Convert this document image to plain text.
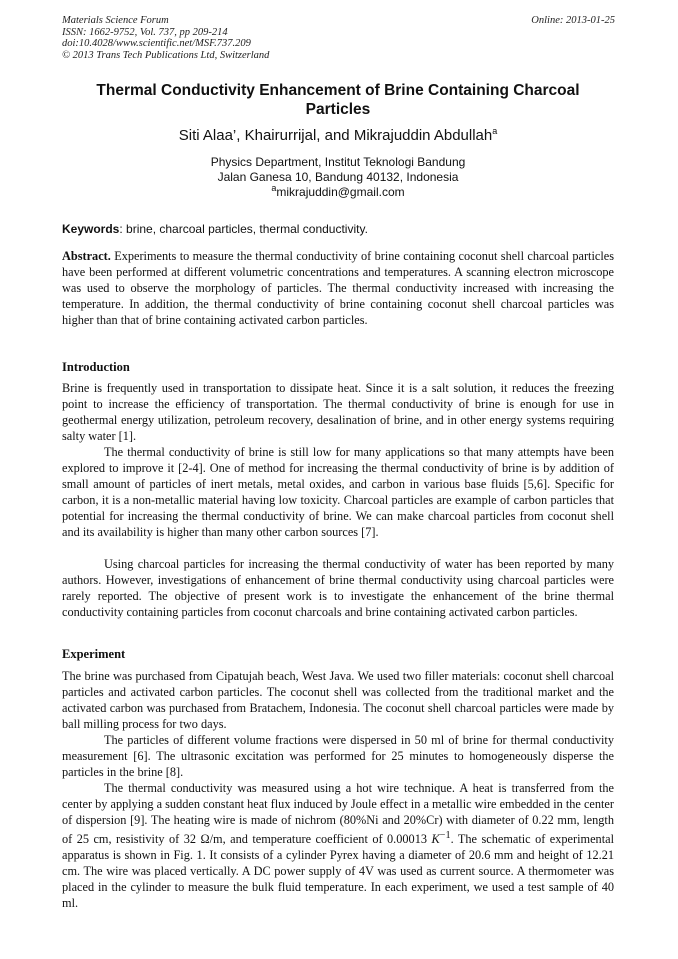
Materials Science Forum
ISSN: 1662-9752, Vol. 737, pp 209-214
doi:10.4028/www.scientific.net/MSF.737.209
© 2013 Trans Tech Publications Ltd, Switzerland
Online: 2013-01-25
Thermal Conductivity Enhancement of Brine Containing Charcoal Particles
Siti Alaa’, Khairurrijal, and Mikrajuddin Abdullah$^a$
Physics Department, Institut Teknologi Bandung
Jalan Ganesa 10, Bandung 40132, Indonesia
$^a$mikrajuddin@gmail.com
Keywords: brine, charcoal particles, thermal conductivity.

Abstract. Experiments to measure the thermal conductivity of brine containing coconut shell charcoal particles have been performed at different volumetric concentrations and temperatures. A scanning electron microscope was used to observe the morphology of particles. The thermal conductivity increased with increasing the temperature. In addition, the thermal conductivity of brine containing coconut shell charcoal particles was higher than that of brine containing activated carbon particles.

Introduction

Brine is frequently used in transportation to dissipate heat. Since it is a salt solution, it reduces the freezing point to increase the efficiency of transportation. The thermal conductivity of brine is enough for use in geothermal energy utilization, petroleum recovery, desalination of brine, and in other energy systems requiring salty water [1].

The thermal conductivity of brine is still low for many applications so that many attempts have been explored to improve it [2-4]. One of method for increasing the thermal conductivity of brine is by addition of small amount of particles of inert metals, metal oxides, and carbon in various base fluids [5,6]. Specific for carbon, it is a non-metallic material having low toxicity. Charcoal particles are example of carbon particles that potential for increasing the thermal conductivity of brine. We can make charcoal particles from coconut shell and its availability is higher than many other carbon sources [7].

Using charcoal particles for increasing the thermal conductivity of water has been reported by many authors. However, investigations of enhancement of brine thermal conductivity using charcoal particles were rarely reported. The objective of present work is to investigate the enhancement of the brine thermal conductivity containing particles from coconut charcoals and brine containing activated carbon particles.

Experiment

The brine was purchased from Cipatujah beach, West Java. We used two filler materials: coconut shell charcoal particles and activated carbon particles. The coconut shell was collected from the traditional market and the activated carbon was purchased from Bratachem, Indonesia. The coconut shell charcoal particles were made by ball milling process for two days.

The particles of different volume fractions were dispersed in 50 ml of brine for thermal conductivity measurement [6]. The ultrasonic excitation was performed for 25 minutes to homogeneously disperse the particles in the brine [8].

The thermal conductivity was measured using a hot wire technique. A heat is transferred from the center by applying a sudden constant heat flux induced by Joule effect in a metallic wire embedded in the center of dispersion [9]. The heating wire is made of nichrom (80%Ni and 20%Cr) with diameter of 0.22 mm, length of 25 cm, resistivity of 32 Ω/m, and temperature coefficient of 0.00013 $K^{-1}$. The schematic of experimental apparatus is shown in Fig. 1. It consists of a cylinder Pyrex having a diameter of 20.6 mm and height of 12.21 cm. The wire was placed vertically. A DC power supply of 4V was used as current source. A thermometer was placed in the cylinder to measure the bulk fluid temperature. In each experiment, we used a test sample of 40 ml.
